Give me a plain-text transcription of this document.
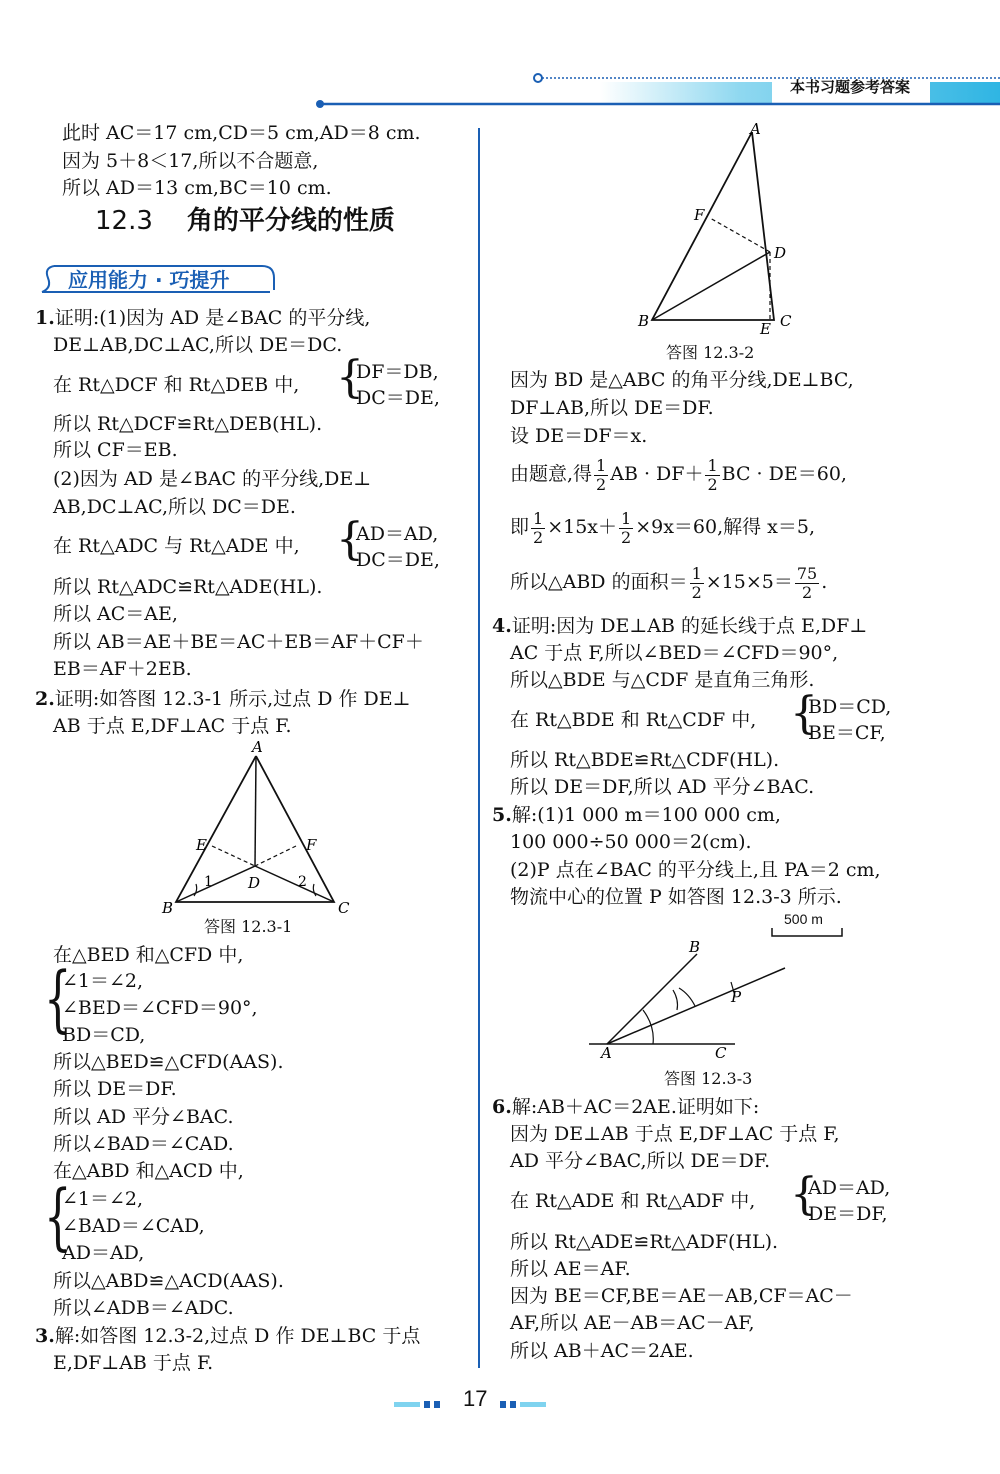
本书习题参考答案
此时 AC＝17 cm,CD＝5 cm,AD＝8 cm.
因为 5＋8＜17,所以不合题意,
所以 AD＝13 cm,BC＝10 cm.
12.3 角的平分线的性质
应用能力 · 巧提升
1.证明:(1)因为 AD 是∠BAC 的平分线,
DE⊥AB,DC⊥AC,所以 DE＝DC.
在 Rt△DCF 和 Rt△DEB 中, {
DF＝DB,
DC＝DE,
所以 Rt△DCF≌Rt△DEB(HL).
所以 CF＝EB.
(2)因为 AD 是∠BAC 的平分线,DE⊥
AB,DC⊥AC,所以 DC＝DE.
在 Rt△ADC 与 Rt△ADE 中, {
AD＝AD,
DC＝DE,
所以 Rt△ADC≌Rt△ADE(HL).
所以 AC＝AE,
所以 AB＝AE＋BE＝AC＋EB＝AF＋CF＋
EB＝AF＋2EB.
2.证明:如答图 12.3-1 所示,过点 D 作 DE⊥
AB 于点 E,DF⊥AC 于点 F.
A
B	C
D
E	F
1	2
答图 12.3-1
在△BED 和△CFD 中,
{
∠1＝∠2,
∠BED＝∠CFD＝90°,
BD＝CD,
所以△BED≌△CFD(AAS).
所以 DE＝DF.
所以 AD 平分∠BAC.
所以∠BAD＝∠CAD.
在△ABD 和△ACD 中,
{
∠1＝∠2,
∠BAD＝∠CAD,
AD＝AD,
所以△ABD≌△ACD(AAS).
所以∠ADB＝∠ADC.
3.解:如答图 12.3-2,过点 D 作 DE⊥BC 于点
E,DF⊥AB 于点 F.
A
B	C
D
E
F
答图 12.3-2
因为 BD 是△ABC 的角平分线,DE⊥BC,
DF⊥AB,所以 DE＝DF.
设 DE＝DF＝x.
由题意,得 $\frac{1}{2}$ AB · $DF+ \frac{1}{2}$ BC · DE＝60,
即 $\frac{1}{2} \times 15x+ \frac{1}{2} \times 9x=60$,解得 x＝5,
所以△ABD 的面积＝ $\frac{1}{2} \times 15\times 5= \frac{75}{2}$ .
4.证明:因为 DE⊥AB 的延长线于点 E,DF⊥
AC 于点 F,所以∠BED＝∠CFD＝90°,
所以△BDE 与△CDF 是直角三角形.
在 Rt△BDE 和 Rt△CDF 中, {
BD＝CD,
BE＝CF,
所以 Rt△BDE≌Rt△CDF(HL).
所以 DE＝DF,所以 AD 平分∠BAC.
5.解:(1)1 000 m＝100 000 cm,
100 000÷50 000＝2(cm).
(2)P 点在∠BAC 的平分线上,且 PA＝2 cm,
物流中心的位置 P 如答图 12.3-3 所示.
500 m
A
B
C
P
答图 12.3-3
6.解:AB＋AC＝2AE.证明如下:
因为 DE⊥AB 于点 E,DF⊥AC 于点 F,
AD 平分∠BAC,所以 DE＝DF.
在 Rt△ADE 和 Rt△ADF 中, {
AD＝AD,
DE＝DF,
所以 Rt△ADE≌Rt△ADF(HL).
所以 AE＝AF.
因为 BE＝CF,BE＝AE－AB,CF＝AC－
AF,所以 AE－AB＝AC－AF,
所以 AB＋AC＝2AE.
17
